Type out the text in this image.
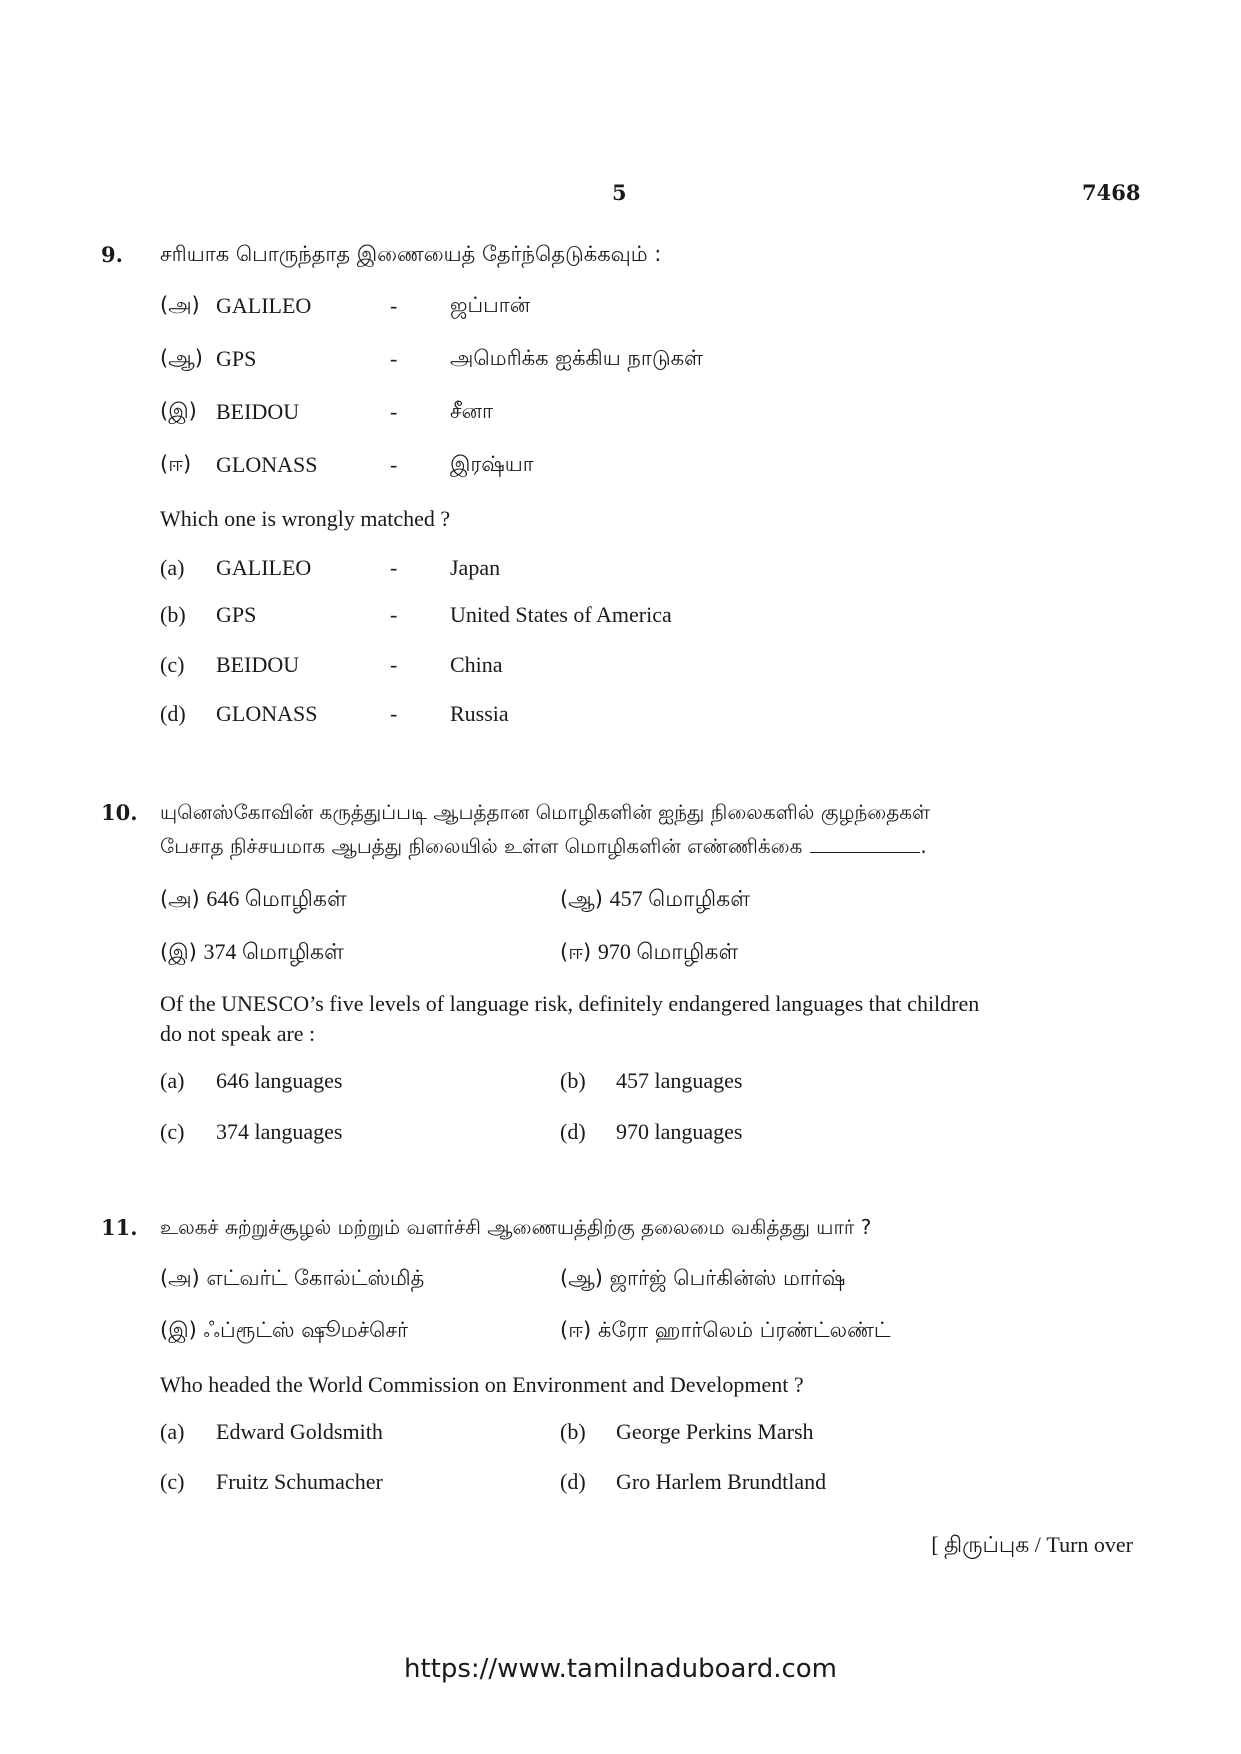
5	7468
9. சரியாக பொருந்தாத இணையைத் தேர்ந்தெடுக்கவும் :
(அ) GALILEO	-	ஜப்பான்
(ஆ) GPS	-	அமெரிக்க ஐக்கிய நாடுகள்
(இ) BEIDOU	-	சீனா
(ஈ) GLONASS	-	இரஷ்யா
Which one is wrongly matched ?
(a) GALILEO	- Japan
(b) GPS	- United States of America
(c) BEIDOU	- China
(d) GLONASS	- Russia
10. யுனெஸ்கோவின் கருத்துப்படி ஆபத்தான மொழிகளின் ஐந்து நிலைகளில் குழந்தைகள்
பேசாத நிச்சயமாக ஆபத்து நிலையில் உள்ள மொழிகளின் எண்ணிக்கை	.
(அ) 646 மொழிகள்	(ஆ) 457 மொழிகள்
(இ) 374 மொழிகள்	(ஈ) 970 மொழிகள்
Of the UNESCO’s five levels of language risk, definitely endangered languages that children
do not speak are :
(a) 646 languages	(b) 457 languages
(c) 374 languages	(d) 970 languages
11. உலகச் சுற்றுச்சூழல் மற்றும் வளர்ச்சி ஆணையத்திற்கு தலைமை வகித்தது யார் ?
(அ) எட்வர்ட் கோல்ட்ஸ்மித்	(ஆ) ஜார்ஜ் பெர்கின்ஸ் மார்ஷ்
(இ) ஃப்ரூட்ஸ் ஷூமச்செர்	(ஈ) க்ரோ ஹார்லெம் ப்ரண்ட்லண்ட்
Who headed the World Commission on Environment and Development ?
(a) Edward Goldsmith	(b) George Perkins Marsh
(c) Fruitz Schumacher	(d) Gro Harlem Brundtland
[ திருப்புக / Turn over
https://www.tamilnaduboard.com
